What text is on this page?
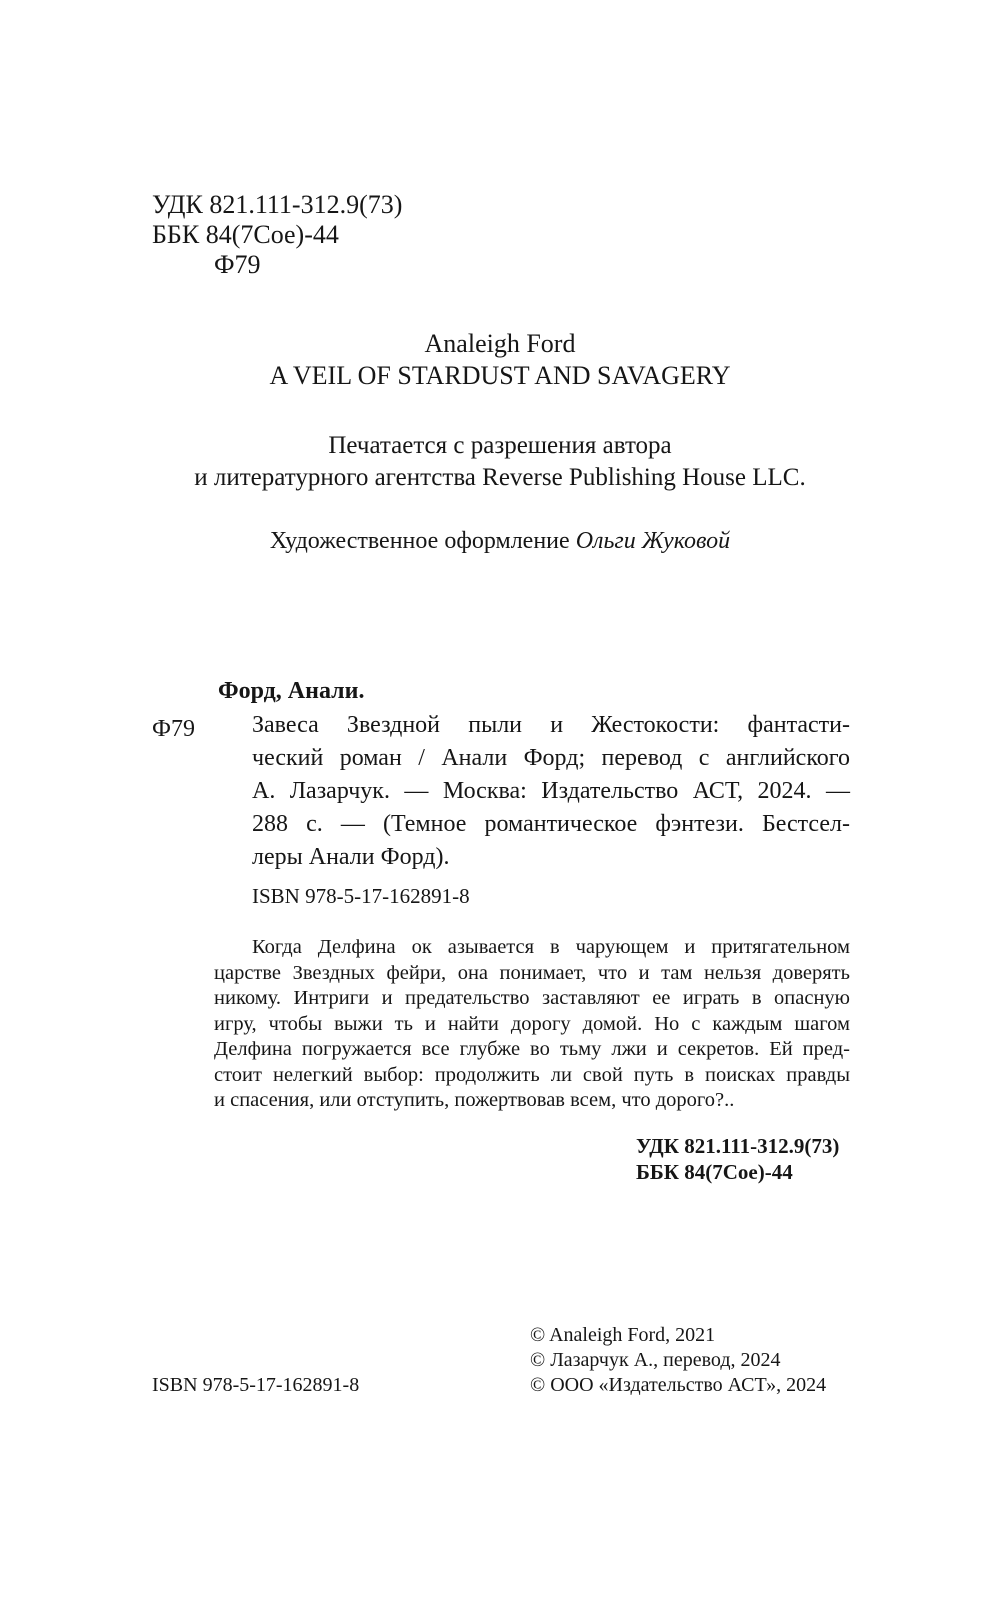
УДК 821.111-312.9(73)
ББК 84(7Сое)-44
Ф79
Analeigh Ford
A VEIL OF STARDUST AND SAVAGERY
Печатается с разрешения автора
и литературного агентства Reverse Publishing House LLC.
Художественное оформление Ольги Жуковой
Форд, Анали.
Ф79 Завеса Звездной пыли и Жестокости: фантасти-
ческий роман / Анали Форд; перевод с английского
А. Лазарчук. — Москва: Издательство АСТ, 2024. —
288 с. — (Темное романтическое фэнтези. Бестсел-
леры Анали Форд).
ISBN 978-5-17-162891-8
Когда Делфина ок азывается в чарующем и притягательном
царстве Звездных фейри, она понимает, что и там нельзя доверять
никому. Интриги и предательство заставляют ее играть в опасную
игру, чтобы выжи ть и найти дорогу домой. Но с каждым шагом
Делфина погружается все глубже во тьму лжи и секретов. Ей пред-
стоит нелегкий выбор: продолжить ли свой путь в поисках правды
и спасения, или отступить, пожертвовав всем, что дорого?..
УДК 821.111-312.9(73)
ББК 84(7Сое)-44
© Analeigh Ford, 2021
© Лазарчук А., перевод, 2024
© ООО «Издательство АСТ», 2024
ISBN 978-5-17-162891-8
